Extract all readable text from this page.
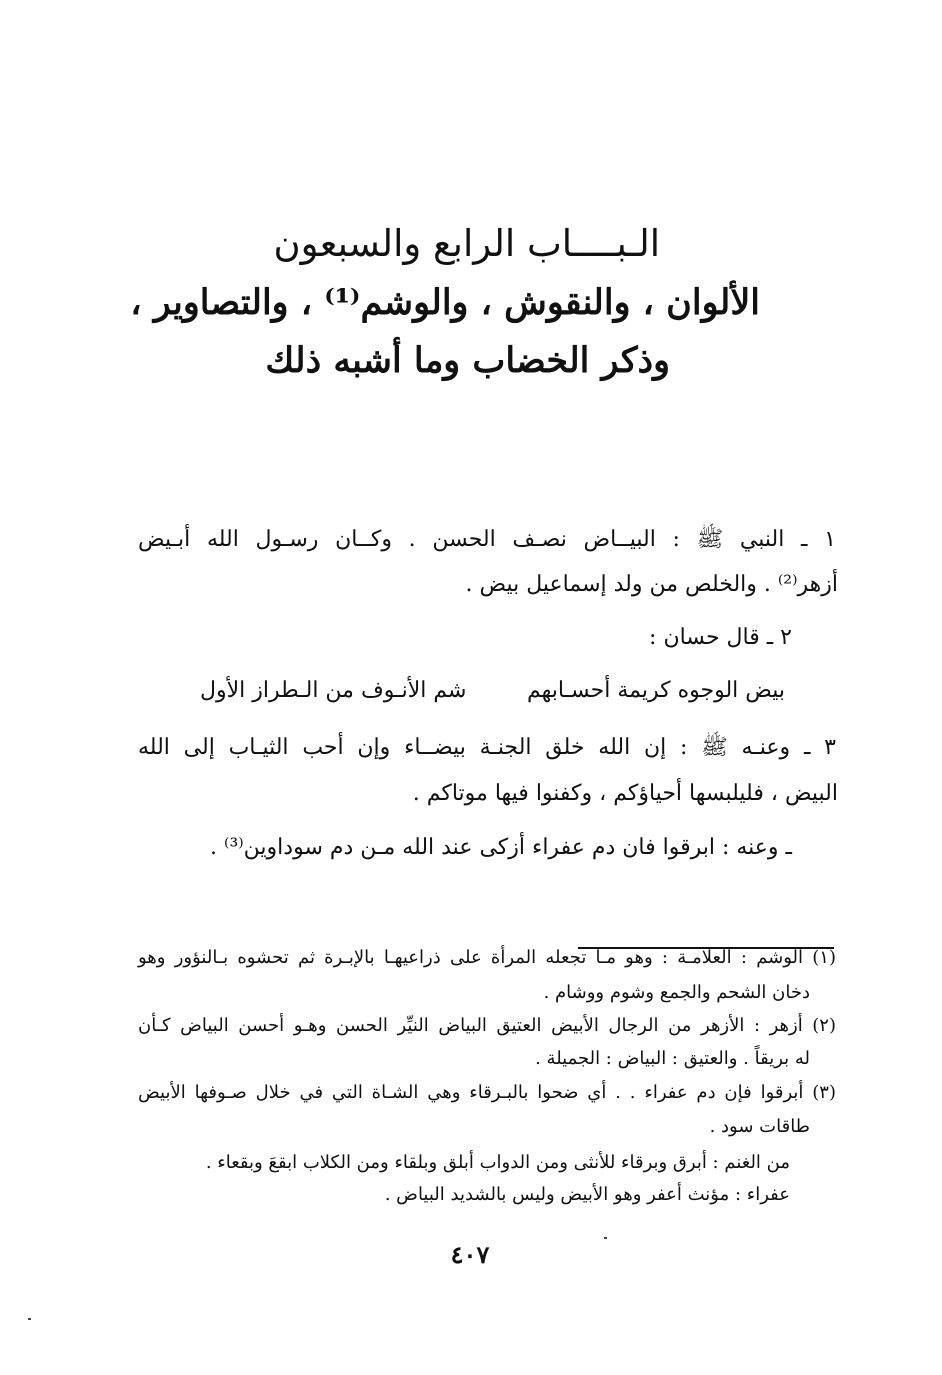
الـبــــاب الرابع والسبعون
الألوان ، والنقوش ، والوشم⁽¹⁾ ، والتصاوير ،
وذكر الخضاب وما أشبه ذلك
١ ـ النبي ﷺ : البيــاض نصـف الحسن . وكــان رسـول الله أبـيض
أزهر⁽²⁾ . والخلص من ولد إسماعيل بيض .
٢ ـ قال حسان :
بيض الوجوه كريمة أحسـابهم
شم الأنـوف من الـطراز الأول
٣ ـ وعنـه ﷺ : إن الله خلق الجنـة بيضــاء وإن أحب الثيـاب إلى الله
البيض ، فليلبسها أحياؤكم ، وكفنوا فيها موتاكم .
ـ وعنه : ابرقوا فان دم عفراء أزكى عند الله مـن دم سوداوين⁽³⁾ .
(١) الوشم : العلامـة : وهو مـا تجعله المرأة على ذراعيهـا بالإبـرة ثم تحشوه بـالنؤور وهو
دخان الشحم والجمع وشوم ووشام .
(٢) أزهر : الأزهر من الرجال الأبيض العتيق البياض النيِّر الحسن وهـو أحسن البياض كـأن
له بريقاً . والعتيق : البياض : الجميلة .
(٣) أبرقوا فإن دم عفراء . . أي ضحوا بالبـرقاء وهي الشـاة التي في خلال صـوفها الأبيض
طاقات سود .
من الغنم : أبرق وبرقاء للأنثى ومن الدواب أبلق وبلقاء ومن الكلاب ابقعَ وبقعاء .
عفراء : مؤنث أعفر وهو الأبيض وليس بالشديد البياض .
٤٠٧
